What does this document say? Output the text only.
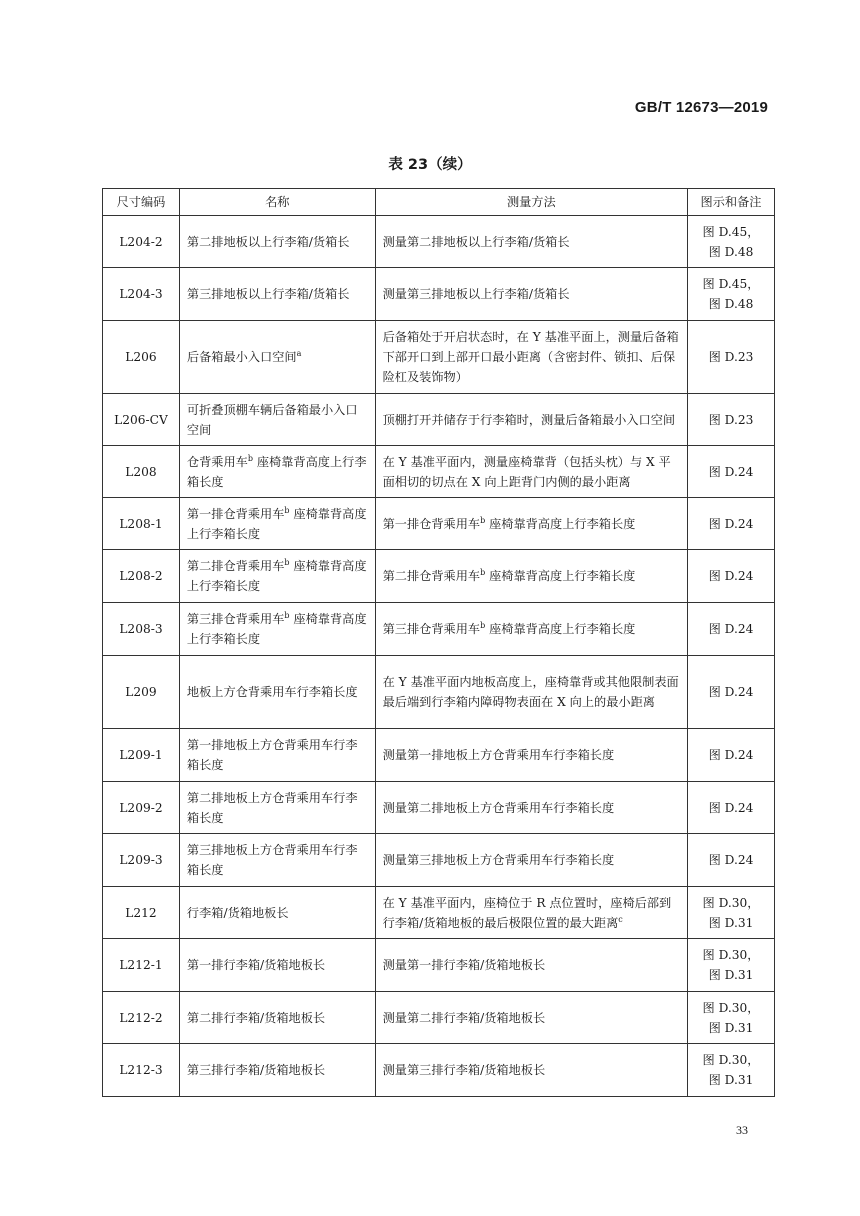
GB/T 12673—2019
表 23（续）
尺寸编码	名称	测量方法	图示和备注
L204-2	第二排地板以上行李箱/货箱长	测量第二排地板以上行李箱/货箱长	图 D.45，
图 D.48
L204-3	第三排地板以上行李箱/货箱长	测量第三排地板以上行李箱/货箱长	图 D.45，
图 D.48
L206	后备箱最小入口空间$^a$	后备箱处于开启状态时，在 Y 基准平面上，测量后备箱下部开口到上部开口最小距离（含密封件、锁扣、后保险杠及装饰物）	图 D.23
L206-CV	可折叠顶棚车辆后备箱最小入口空间	顶棚打开并储存于行李箱时，测量后备箱最小入口空间	图 D.23
L208	仓背乘用车$^b$ 座椅靠背高度上行李箱长度	在 Y 基准平面内，测量座椅靠背（包括头枕）与 X 平面相切的切点在 X 向上距背门内侧的最小距离	图 D.24
L208-1	第一排仓背乘用车$^b$ 座椅靠背高度上行李箱长度	第一排仓背乘用车$^b$ 座椅靠背高度上行李箱长度	图 D.24
L208-2	第二排仓背乘用车$^b$ 座椅靠背高度上行李箱长度	第二排仓背乘用车$^b$ 座椅靠背高度上行李箱长度	图 D.24
L208-3	第三排仓背乘用车$^b$ 座椅靠背高度上行李箱长度	第三排仓背乘用车$^b$ 座椅靠背高度上行李箱长度	图 D.24
L209	地板上方仓背乘用车行李箱长度	在 Y 基准平面内地板高度上，座椅靠背或其他限制表面最后端到行李箱内障碍物表面在 X 向上的最小距离	图 D.24
L209-1	第一排地板上方仓背乘用车行李箱长度	测量第一排地板上方仓背乘用车行李箱长度	图 D.24
L209-2	第二排地板上方仓背乘用车行李箱长度	测量第二排地板上方仓背乘用车行李箱长度	图 D.24
L209-3	第三排地板上方仓背乘用车行李箱长度	测量第三排地板上方仓背乘用车行李箱长度	图 D.24
L212	行李箱/货箱地板长	在 Y 基准平面内，座椅位于 R 点位置时，座椅后部到行李箱/货箱地板的最后极限位置的最大距离$^c$	图 D.30，
图 D.31
L212-1	第一排行李箱/货箱地板长	测量第一排行李箱/货箱地板长	图 D.30，
图 D.31
L212-2	第二排行李箱/货箱地板长	测量第二排行李箱/货箱地板长	图 D.30，
图 D.31
L212-3	第三排行李箱/货箱地板长	测量第三排行李箱/货箱地板长	图 D.30，
图 D.31
33
